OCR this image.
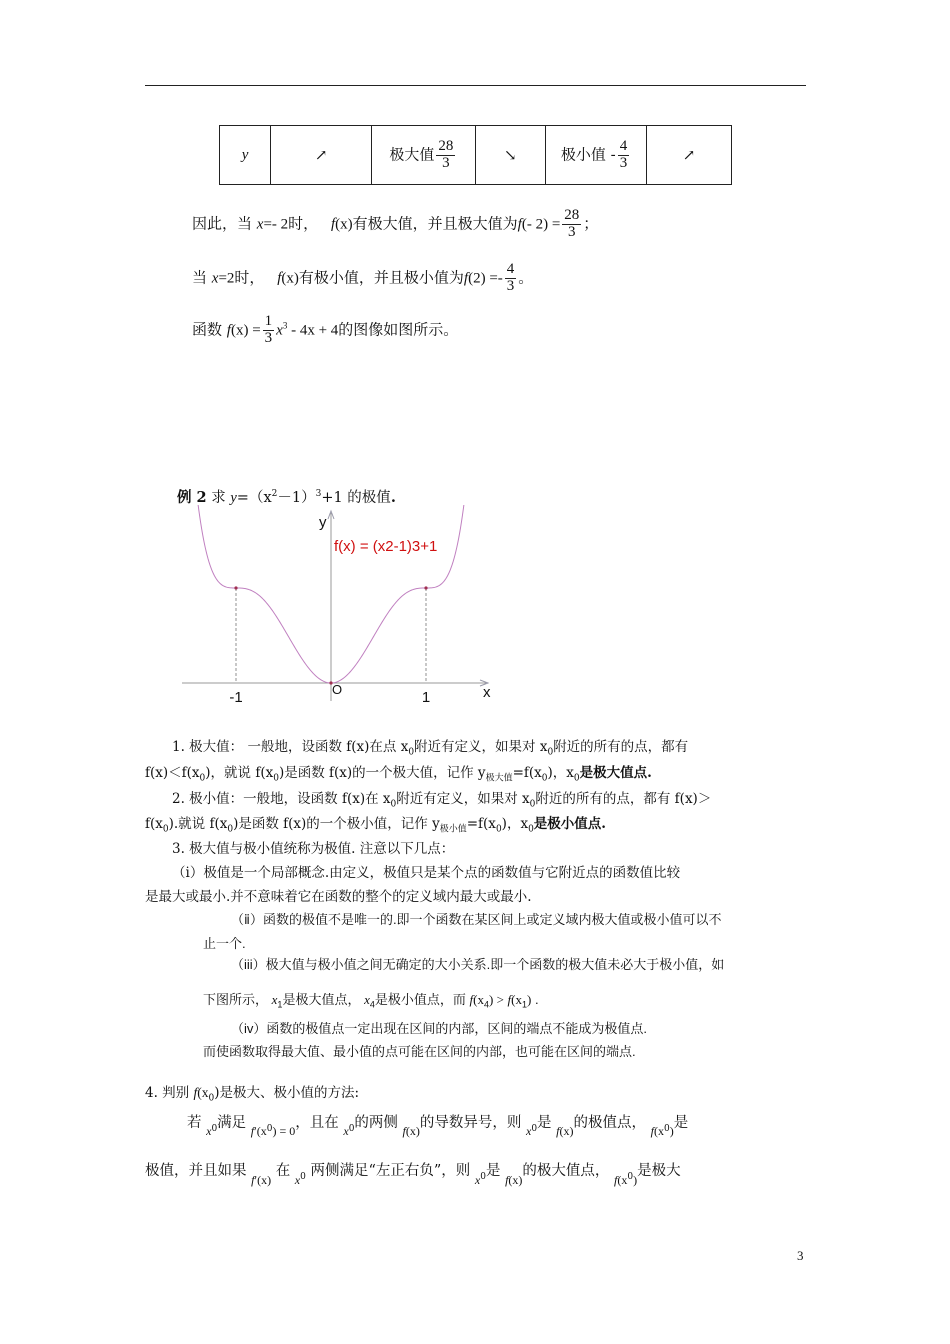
y	↗	极大值 $\frac{28}{3}$	↘	极小值 - $\frac{4}{3}$	↗
因此，当 x=- 2时， f(x)有极大值，并且极大值为f(- $2) = \frac{28}{3}$ ；
当 x=2时， f(x)有极小值，并且极小值为$f(2) =- \frac{4}{3}$ 。
函数 $f(x) = \frac{1}{3} x^3 - 4x + 4$的图像如图所示。
例 2 求 $y=(x^2-1)^3+1$ 的极值.
-1	O	1	x
y
f(x) = (x2-1)3+1
1. 极大值： 一般地，设函数 f(x)在点 $x_0$附近有定义，如果对 $x_0$附近的所有的点，都有
$f(x)<f(x_0)$，就说 $f(x_0)$是函数 f(x)的一个极大值，记作 $y_{极大值}=f(x_0)$，$x_0$是极大值点.
2. 极小值：一般地，设函数 f(x)在 $x_0$附近有定义，如果对 $x_0$附近的所有的点，都有 f(x)＞
$f(x_0)$.就说 $f(x_0)$是函数 f(x)的一个极小值，记作 $y_{极小值}=f(x_0)$，$x_0$是极小值点.
3. 极大值与极小值统称为极值. 注意以下几点：
（ⅰ）极值是一个局部概念.由定义，极值只是某个点的函数值与它附近点的函数值比较
是最大或最小.并不意味着它在函数的整个的定义域内最大或最小.
（ⅱ）函数的极值不是唯一的.即一个函数在某区间上或定义域内极大值或极小值可以不
止一个.
（iii）极大值与极小值之间无确定的大小关系.即一个函数的极大值未必大于极小值，如
下图所示， $x_1$是极大值点， $x_4$是极小值点，而 $f(x_4) > f(x_1)$ .
（iv）函数的极值点一定出现在区间的内部，区间的端点不能成为极值点.
而使函数取得最大值、最小值的点可能在区间的内部，也可能在区间的端点.
4. 判别 $f(x_0)$是极大、极小值的方法:
若 $_{x0}$满足 $_{f'(x0) = 0}$，且在 $_{x0}$的两侧 $_{f(x)}$的导数异号，则 $_{x0}$是 $_{f(x)}$的极值点， $_{f(x0)}$是
极值，并且如果 $_{f'(x)}$ 在 $_{x0}$ 两侧满足“左正右负”，则 $_{x0}$是 $_{f(x)}$的极大值点， $_{f(x0)}$是极大
3
